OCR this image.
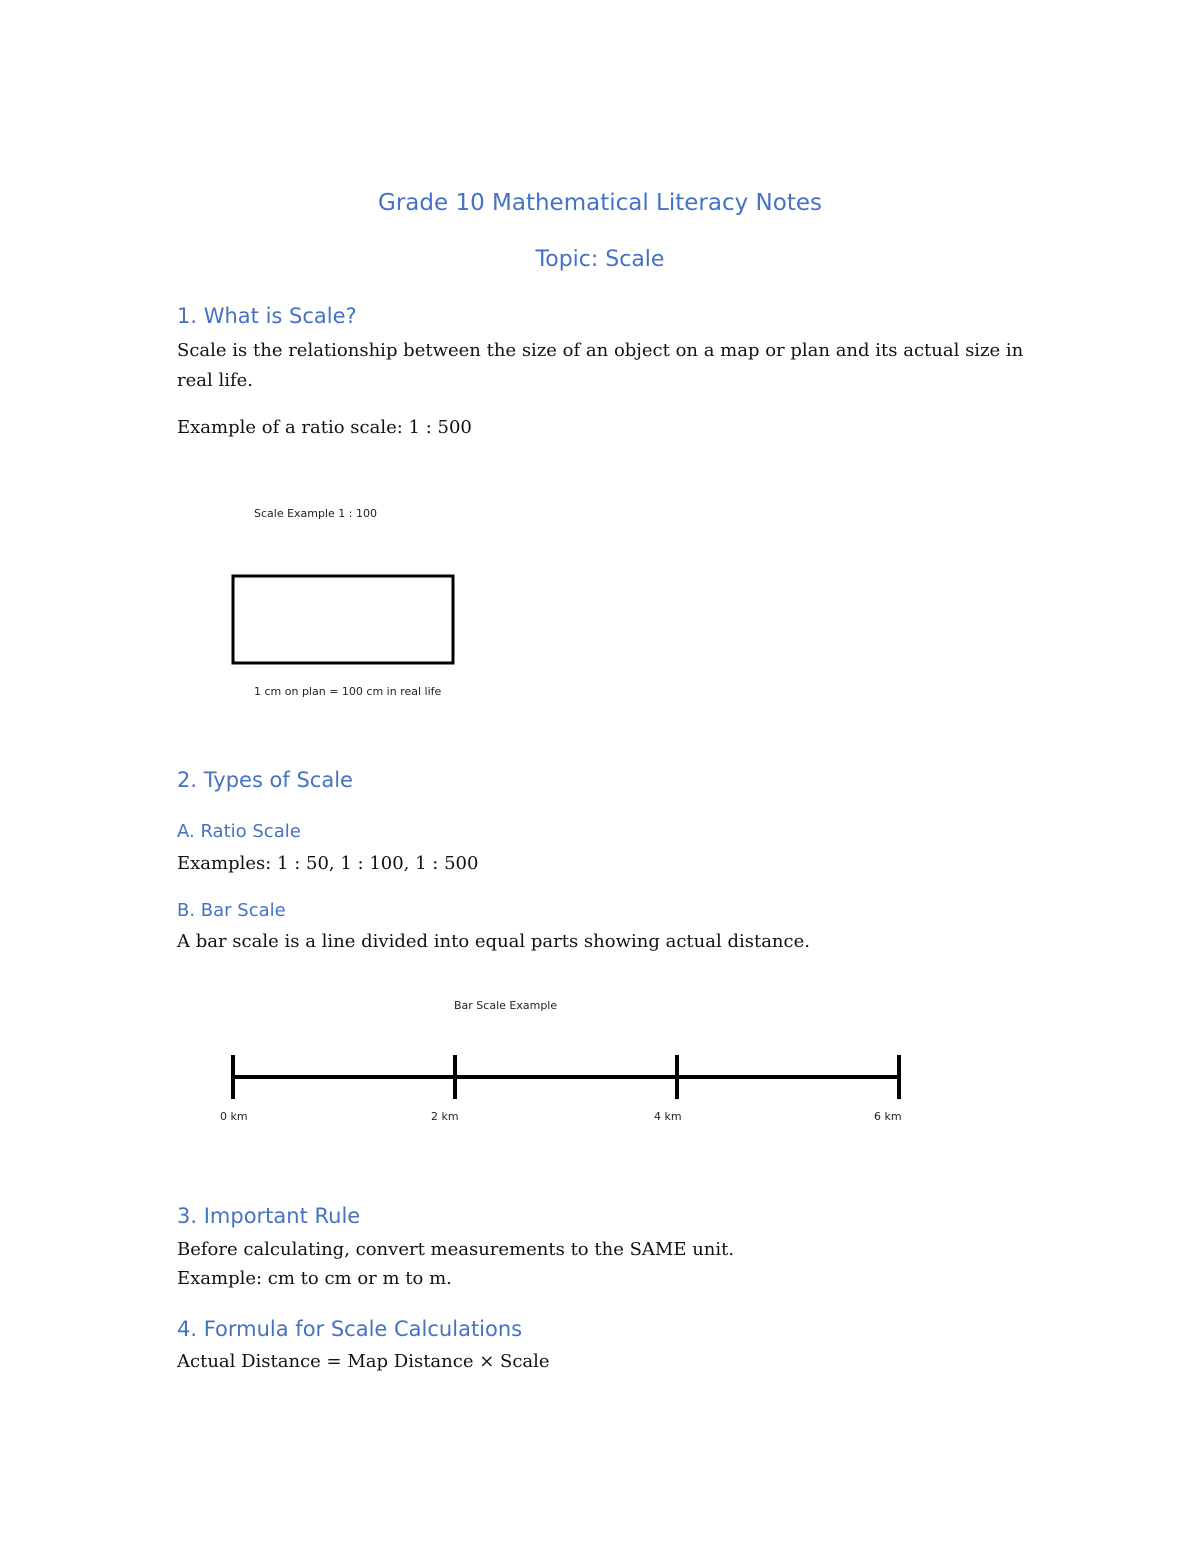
Grade 10 Mathematical Literacy Notes
Topic: Scale
1. What is Scale?

Scale is the relationship between the size of an object on a map or plan and its actual size in real life.

Example of a ratio scale: 1 : 500

Scale Example 1 : 100
1 cm on plan = 100 cm in real life
2. Types of Scale
A. Ratio Scale

Examples: 1 : 50, 1 : 100, 1 : 500

B. Bar Scale

A bar scale is a line divided into equal parts showing actual distance.

Bar Scale Example
0 km	2 km	4 km	6 km
3. Important Rule

Before calculating, convert measurements to the SAME unit.

Example: cm to cm or m to m.

4. Formula for Scale Calculations

Actual Distance = Map Distance × Scale
